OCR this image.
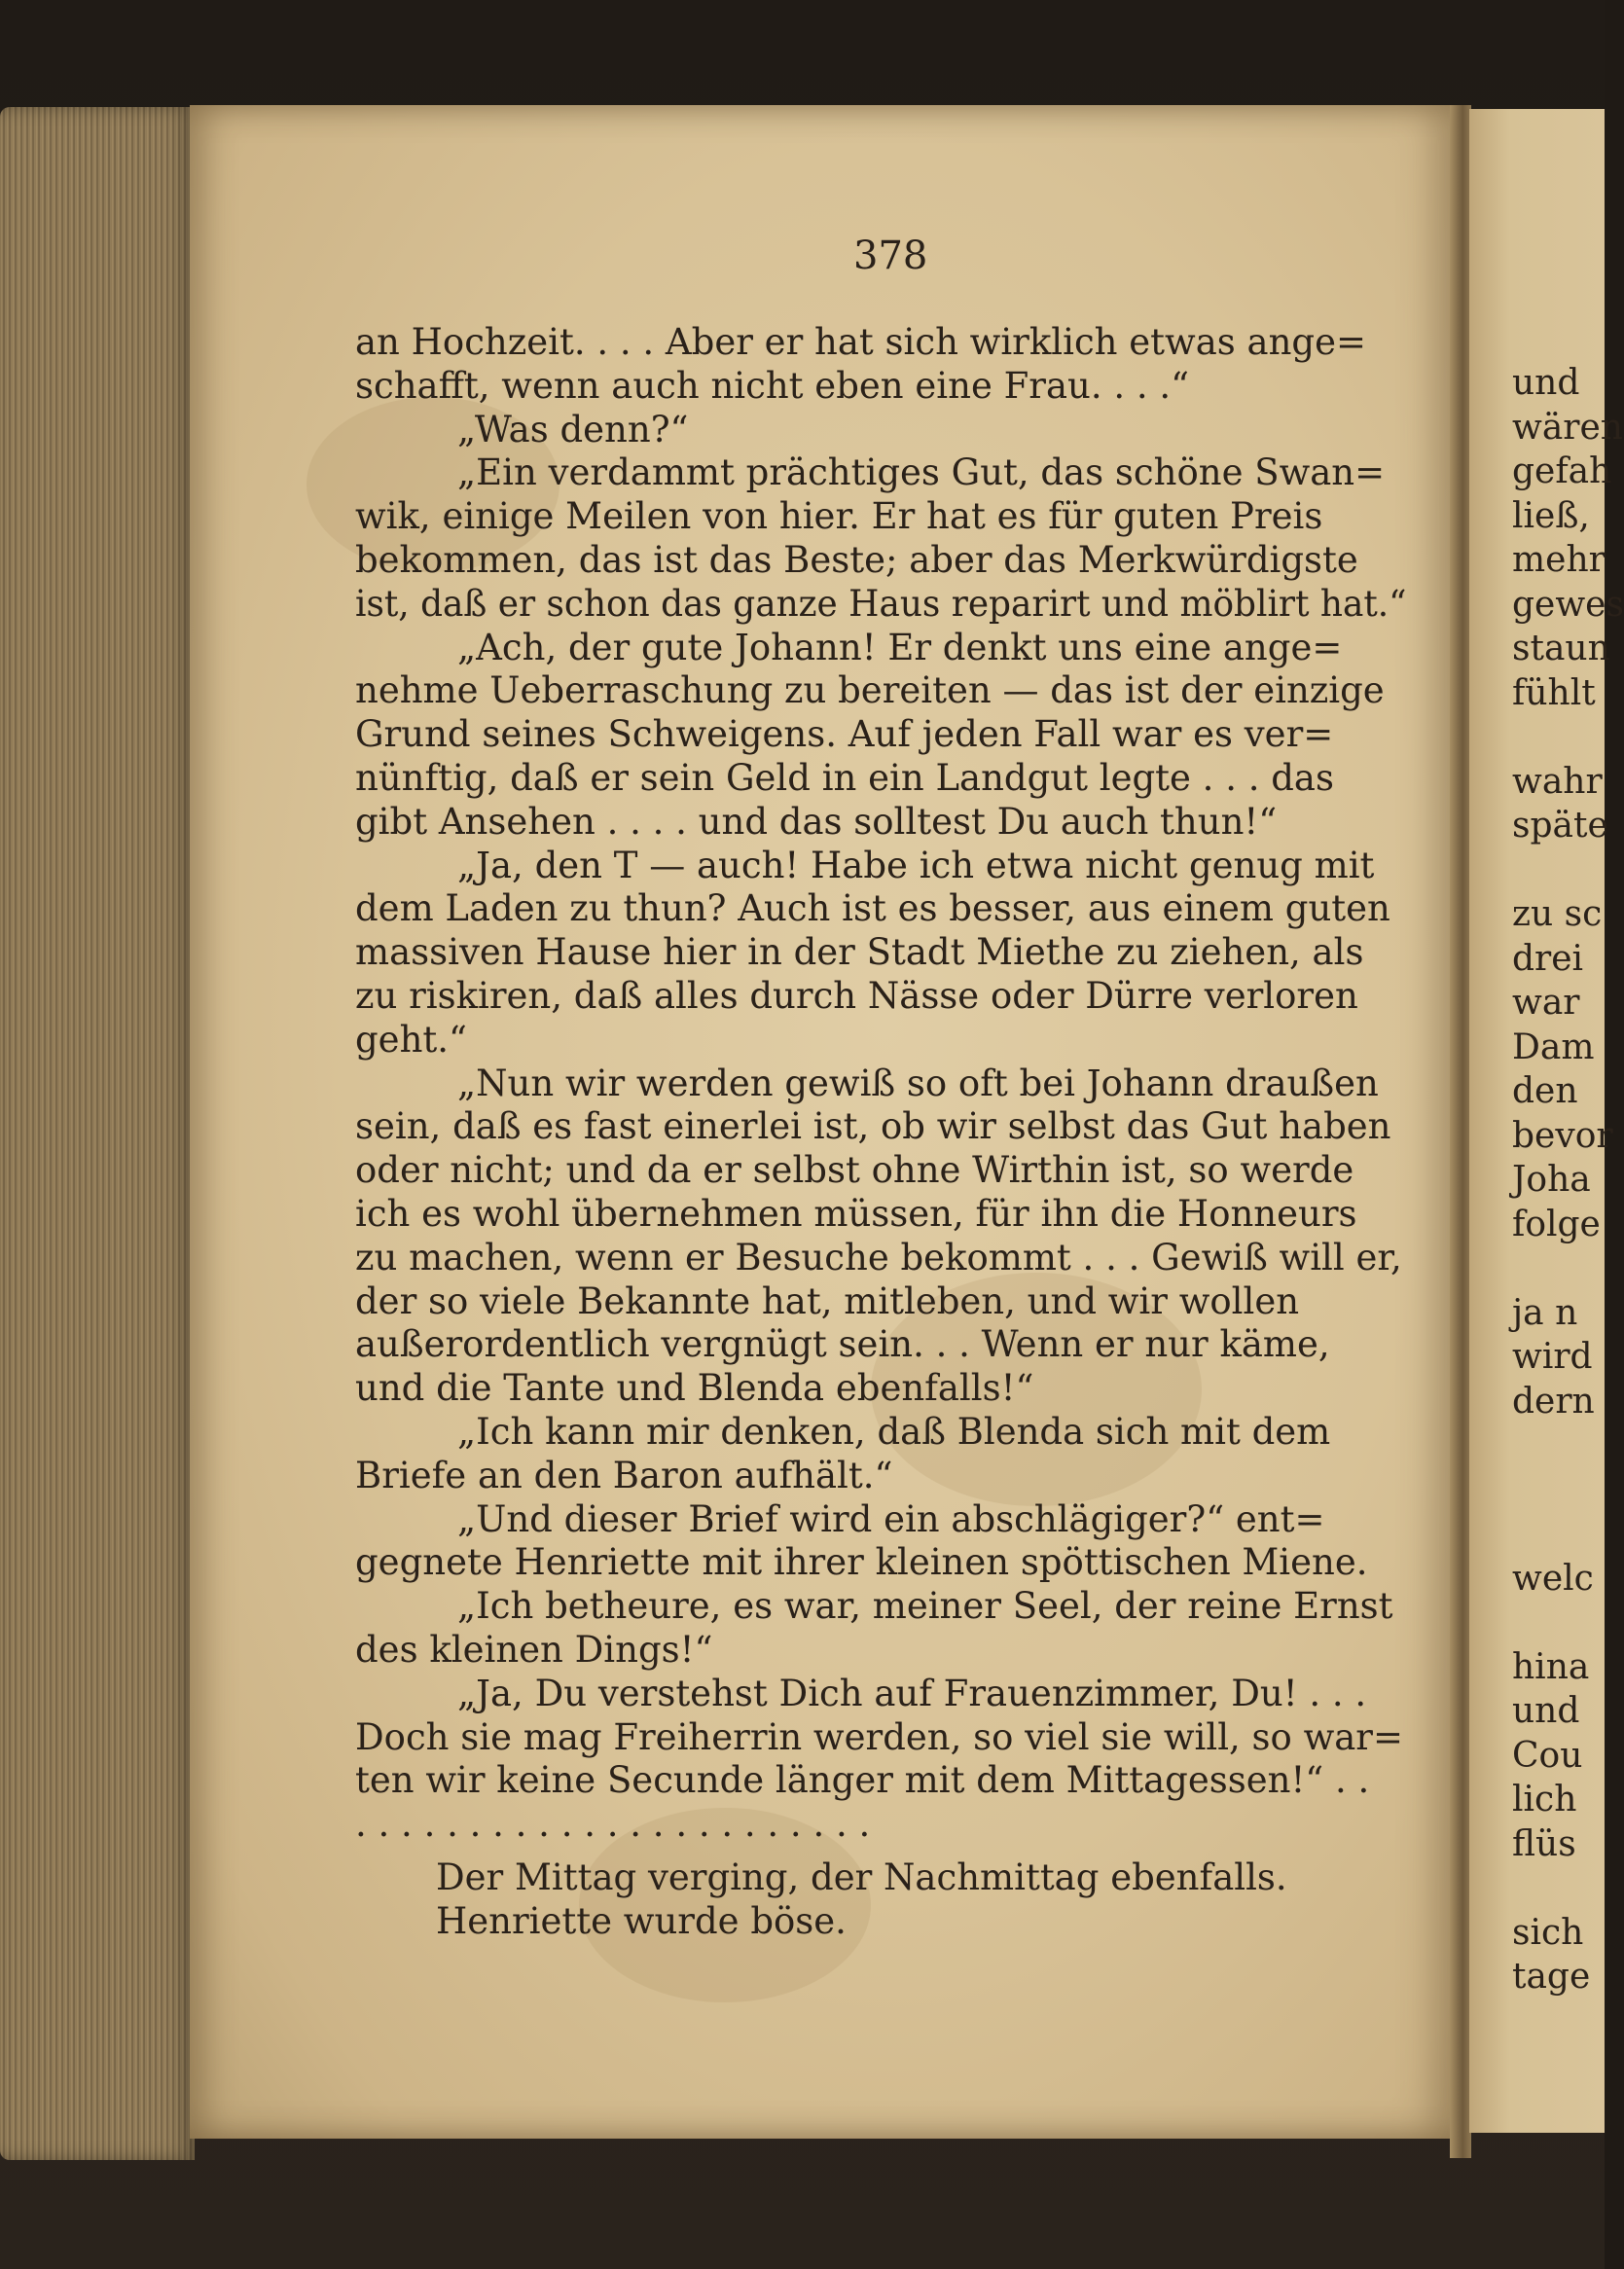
und
wären
gefah
ließ,
mehr
gewes
staun
fühlt
wahr
späte
zu sc
drei
war
Dam
den
bevor
Joha
folge
ja n
wird
dern
welc
hina
und
Cou
lich
flüs
sich
tage
378
an Hochzeit. . . . Aber er hat sich wirklich etwas ange=
schafft, wenn auch nicht eben eine Frau. . . .“
„Was denn?“
„Ein verdammt prächtiges Gut, das schöne Swan=
wik, einige Meilen von hier. Er hat es für guten Preis
bekommen, das ist das Beste; aber das Merkwürdigste
ist, daß er schon das ganze Haus reparirt und möblirt hat.“
„Ach, der gute Johann! Er denkt uns eine ange=
nehme Ueberraschung zu bereiten — das ist der einzige
Grund seines Schweigens. Auf jeden Fall war es ver=
nünftig, daß er sein Geld in ein Landgut legte . . . das
gibt Ansehen . . . . und das solltest Du auch thun!“
„Ja, den T — auch! Habe ich etwa nicht genug mit
dem Laden zu thun? Auch ist es besser, aus einem guten
massiven Hause hier in der Stadt Miethe zu ziehen, als
zu riskiren, daß alles durch Nässe oder Dürre verloren
geht.“
„Nun wir werden gewiß so oft bei Johann draußen
sein, daß es fast einerlei ist, ob wir selbst das Gut haben
oder nicht; und da er selbst ohne Wirthin ist, so werde
ich es wohl übernehmen müssen, für ihn die Honneurs
zu machen, wenn er Besuche bekommt . . . Gewiß will er,
der so viele Bekannte hat, mitleben, und wir wollen
außerordentlich vergnügt sein. . . Wenn er nur käme,
und die Tante und Blenda ebenfalls!“
„Ich kann mir denken, daß Blenda sich mit dem
Briefe an den Baron aufhält.“
„Und dieser Brief wird ein abschlägiger?“ ent=
gegnete Henriette mit ihrer kleinen spöttischen Miene.
„Ich betheure, es war, meiner Seel, der reine Ernst
des kleinen Dings!“
„Ja, Du verstehst Dich auf Frauenzimmer, Du! . . .
Doch sie mag Freiherrin werden, so viel sie will, so war=
ten wir keine Secunde länger mit dem Mittagessen!“ . .
. . . . . . . . . . . . . . . . . . . . . . .
Der Mittag verging, der Nachmittag ebenfalls.
Henriette wurde böse.
